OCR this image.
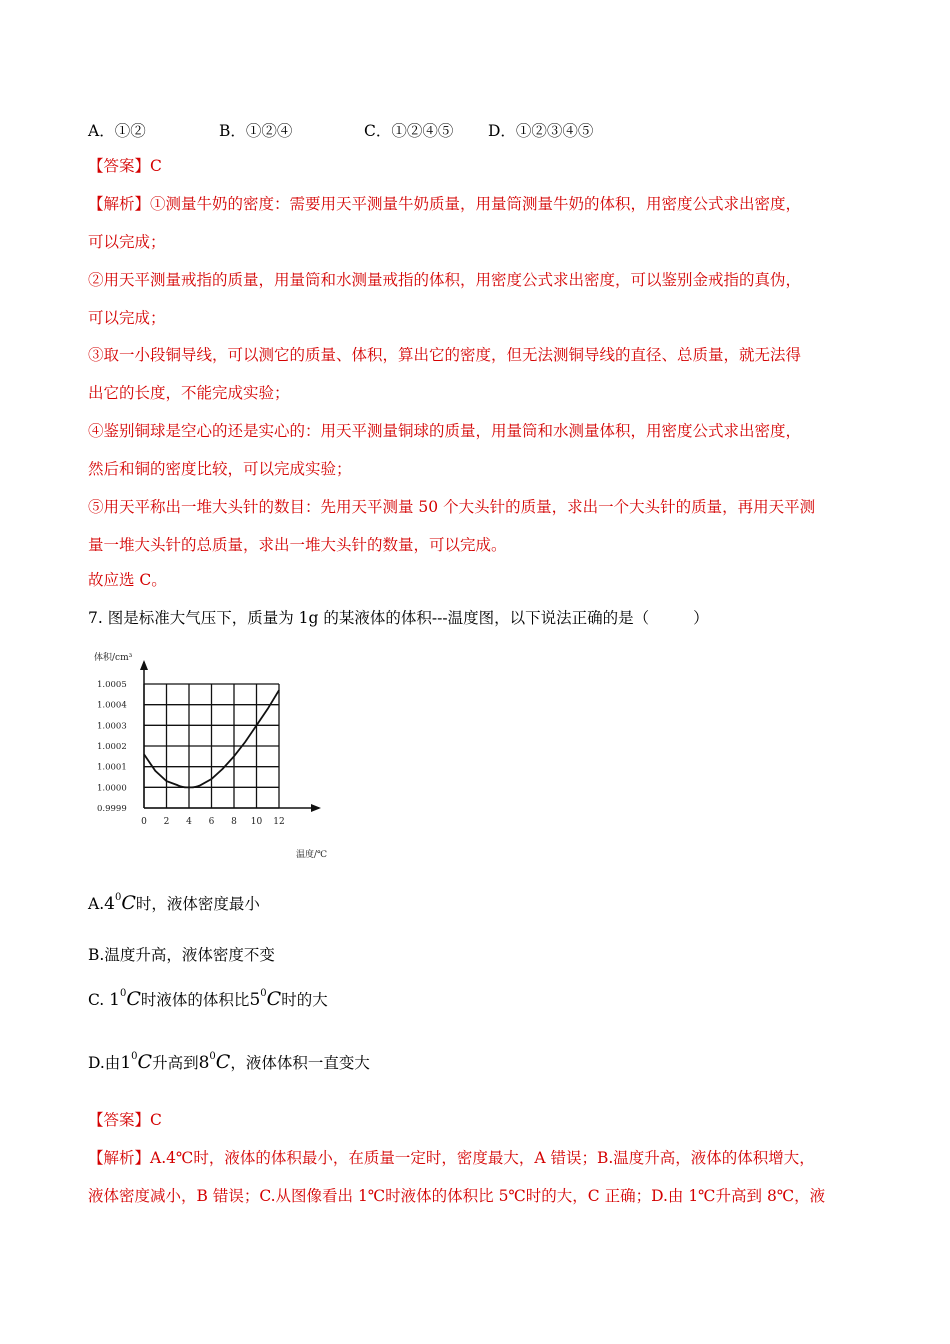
A．①②	B．①②④	C．①②④⑤ D．①②③④⑤
【答案】C
【解析】①测量牛奶的密度：需要用天平测量牛奶质量，用量筒测量牛奶的体积，用密度公式求出密度，
可以完成；
②用天平测量戒指的质量，用量筒和水测量戒指的体积，用密度公式求出密度，可以鉴别金戒指的真伪，
可以完成；
③取一小段铜导线，可以测它的质量、体积，算出它的密度，但无法测铜导线的直径、总质量，就无法得
出它的长度，不能完成实验；
④鉴别铜球是空心的还是实心的：用天平测量铜球的质量，用量筒和水测量体积，用密度公式求出密度，
然后和铜的密度比较，可以完成实验；
⑤用天平称出一堆大头针的数目：先用天平测量 50 个大头针的质量，求出一个大头针的质量，再用天平测
量一堆大头针的总质量，求出一堆大头针的数量，可以完成。
故应选 C。
7. 图是标准大气压下，质量为 1g 的某液体的体积---温度图，以下说法正确的是（	）
体积/cm³
0 2 4 6 8 10 12
1.0005
1.0004
1.0003
1.0002
1.0001
1.0000
0.9999
温度/℃
$A.4^0C$时，液体密度最小
B.温度升高，液体密度不变
C. $1^0C$时液体的体积比$5^0C$时的大
D.由$1^0C$升高到$8^0C$，液体体积一直变大
【答案】C
【解析】A.4℃时，液体的体积最小，在质量一定时，密度最大，A 错误；B.温度升高，液体的体积增大，
液体密度减小，B 错误；C.从图像看出 1℃时液体的体积比 5℃时的大，C 正确；D.由 1℃升高到 8℃，液
